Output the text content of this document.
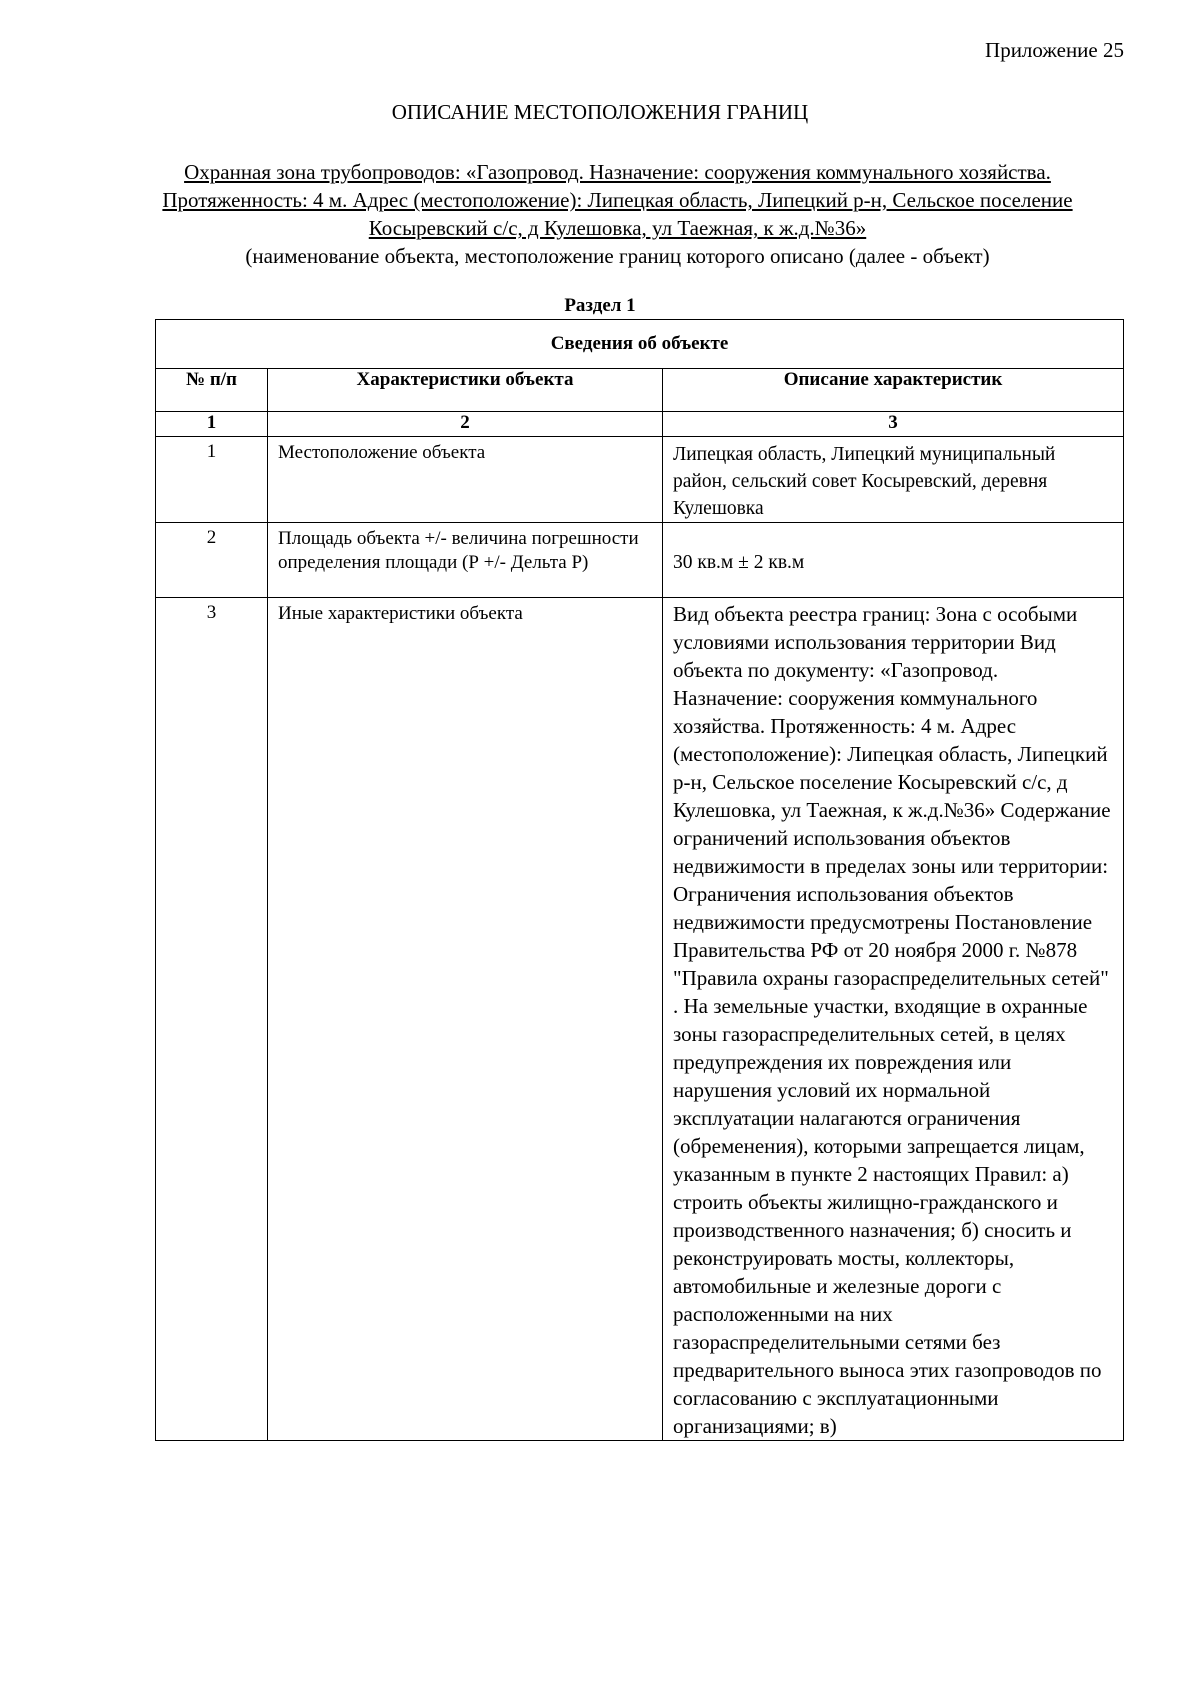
Приложение 25
ОПИСАНИЕ МЕСТОПОЛОЖЕНИЯ ГРАНИЦ
Охранная зона трубопроводов: «Газопровод. Назначение: сооружения коммунального хозяйства. Протяженность: 4 м. Адрес (местоположение): Липецкая область, Липецкий р-н, Сельское поселение Косыревский с/с, д Кулешовка, ул Таежная, к ж.д.№36»
(наименование объекта, местоположение границ которого описано (далее - объект)
Раздел 1
Сведения об объекте		
№ п/п	Характеристики объекта	Описание характеристик
1	2	3
1	Местоположение объекта	Липецкая область, Липецкий муниципальный район, сельский совет Косыревский, деревня Кулешовка
2	Площадь объекта +/- величина погрешности определения площади (Р +/- Дельта Р)	30 кв.м ± 2 кв.м
3	Иные характеристики объекта	Вид объекта реестра границ: Зона с особыми условиями использования территории Вид объекта по документу: «Газопровод. Назначение: сооружения коммунального хозяйства. Протяженность: 4 м. Адрес (местоположение): Липецкая область, Липецкий р-н, Сельское поселение Косыревский с/с, д Кулешовка, ул Таежная, к ж.д.№36» Содержание ограничений использования объектов недвижимости в пределах зоны или территории: Ограничения использования объектов недвижимости предусмотрены Постановление Правительства РФ от 20 ноября 2000 г. №878 "Правила охраны газораспределительных сетей" . На земельные участки, входящие в охранные зоны газораспределительных сетей, в целях предупреждения их повреждения или нарушения условий их нормальной эксплуатации налагаются ограничения (обременения), которыми запрещается лицам, указанным в пункте 2 настоящих Правил: а) строить объекты жилищно-гражданского и производственного назначения; б) сносить и реконструировать мосты, коллекторы, автомобильные и железные дороги с расположенными на них газораспределительными сетями без предварительного выноса этих газопроводов по согласованию с эксплуатационными организациями; в)
